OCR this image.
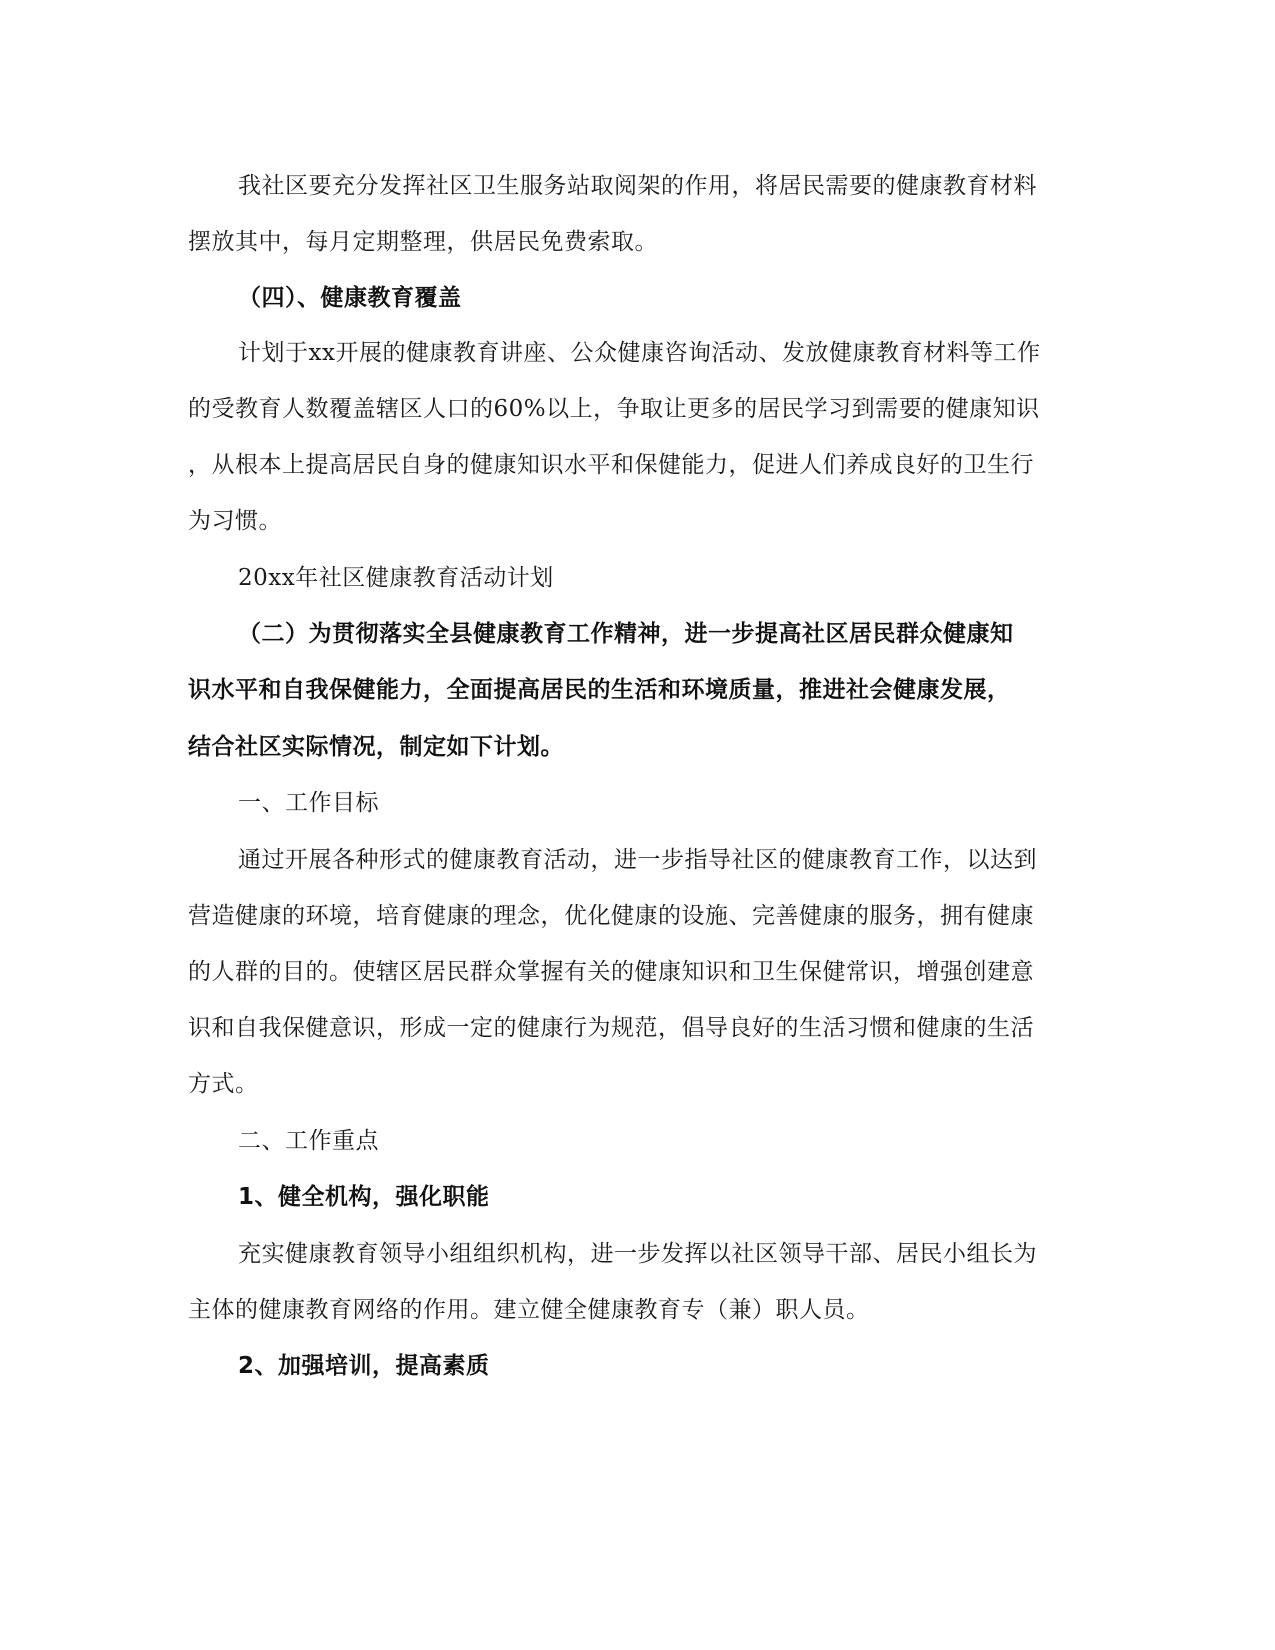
我社区要充分发挥社区卫生服务站取阅架的作用，将居民需要的健康教育材料
摆放其中，每月定期整理，供居民免费索取。
（四）、健康教育覆盖
计划于xx开展的健康教育讲座、公众健康咨询活动、发放健康教育材料等工作
的受教育人数覆盖辖区人口的60%以上，争取让更多的居民学习到需要的健康知识
，从根本上提高居民自身的健康知识水平和保健能力，促进人们养成良好的卫生行
为习惯。
20xx年社区健康教育活动计划
（二）为贯彻落实全县健康教育工作精神，进一步提高社区居民群众健康知
识水平和自我保健能力，全面提高居民的生活和环境质量，推进社会健康发展，
结合社区实际情况，制定如下计划。
一、工作目标
通过开展各种形式的健康教育活动，进一步指导社区的健康教育工作，以达到
营造健康的环境，培育健康的理念，优化健康的设施、完善健康的服务，拥有健康
的人群的目的。使辖区居民群众掌握有关的健康知识和卫生保健常识，增强创建意
识和自我保健意识，形成一定的健康行为规范，倡导良好的生活习惯和健康的生活
方式。
二、工作重点
1、健全机构，强化职能
充实健康教育领导小组组织机构，进一步发挥以社区领导干部、居民小组长为
主体的健康教育网络的作用。建立健全健康教育专（兼）职人员。
2、加强培训，提高素质
